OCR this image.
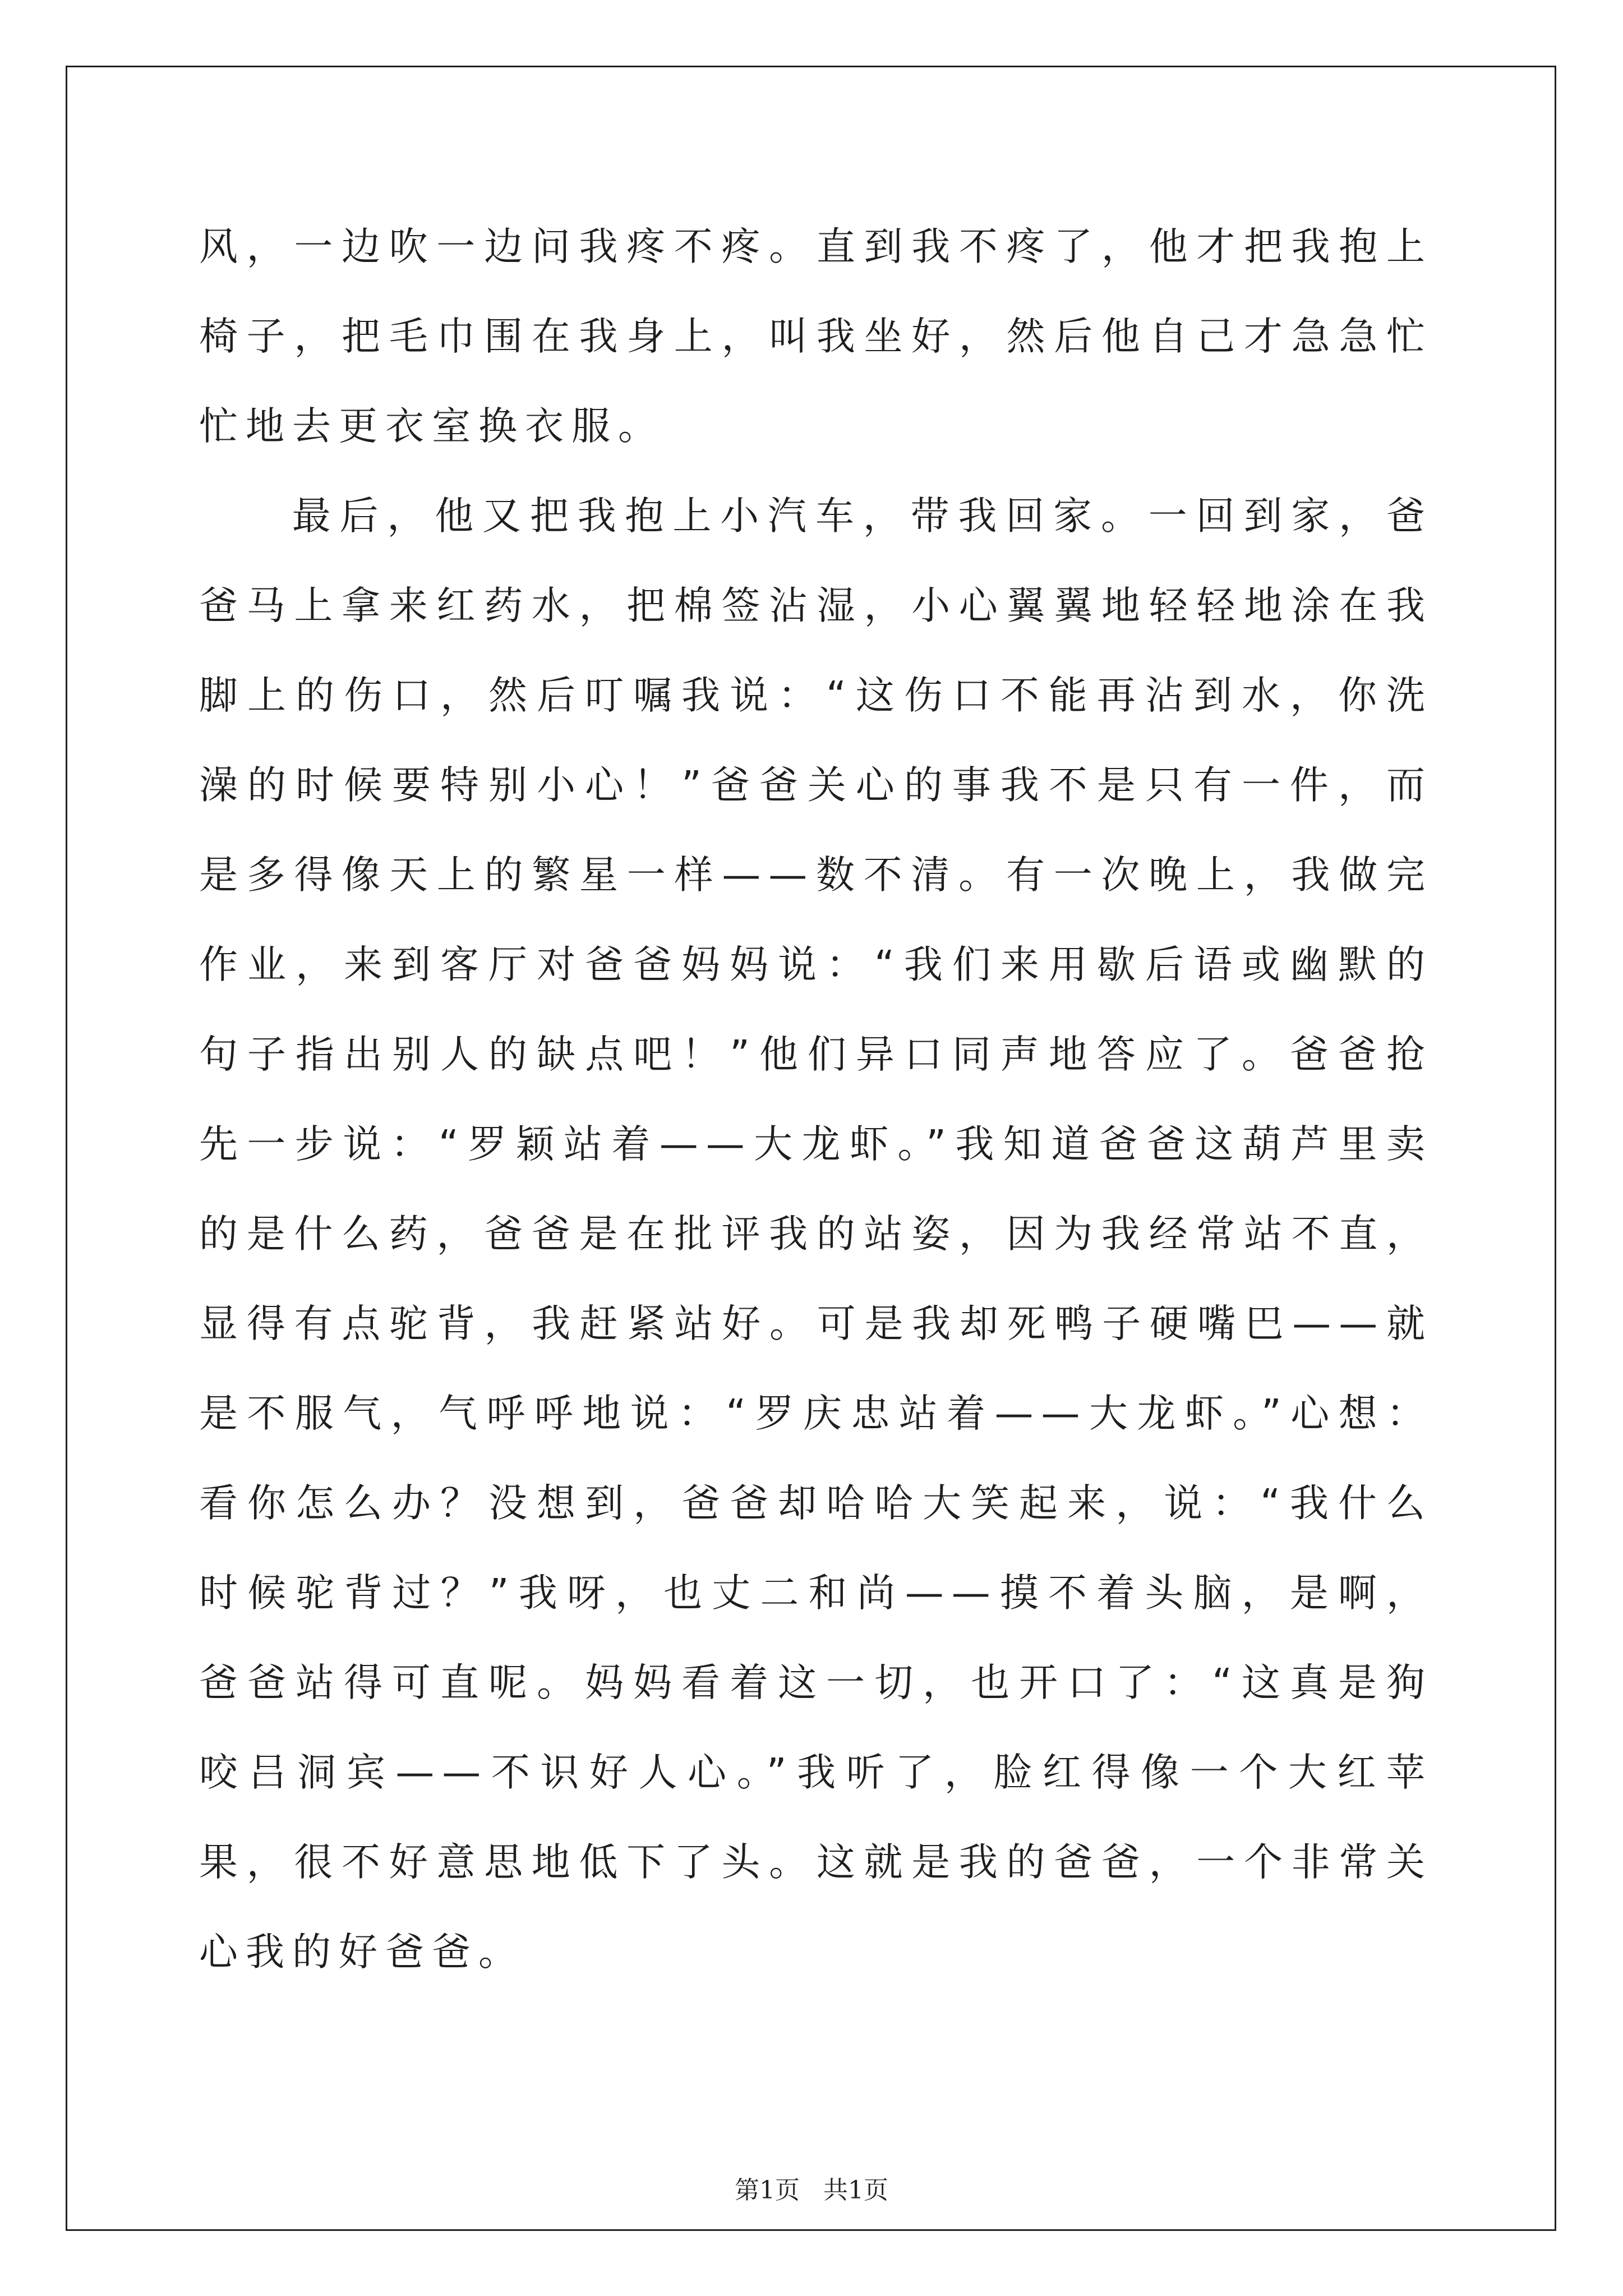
风，一边吹一边问我疼不疼。直到我不疼了，他才把我抱上椅子，把毛巾围在我身上，叫我坐好，然后他自己才急急忙忙地去更衣室换衣服。

最后，他又把我抱上小汽车，带我回家。一回到家，爸爸马上拿来红药水，把棉签沾湿，小心翼翼地轻轻地涂在我脚上的伤口，然后叮嘱我说：“这伤口不能再沾到水，你洗澡的时候要特别小心！”爸爸关心的事我不是只有一件，而是多得像天上的繁星一样——数不清。有一次晚上，我做完作业，来到客厅对爸爸妈妈说：“我们来用歇后语或幽默的句子指出别人的缺点吧！”他们异口同声地答应了。爸爸抢先一步说：“罗颖站着——大龙虾。”我知道爸爸这葫芦里卖的是什么药，爸爸是在批评我的站姿，因为我经常站不直，显得有点驼背，我赶紧站好。可是我却死鸭子硬嘴巴——就是不服气，气呼呼地说：“罗庆忠站着——大龙虾。”心想：看你怎么办？没想到，爸爸却哈哈大笑起来，说：“我什么时候驼背过？”我呀，也丈二和尚——摸不着头脑，是啊，爸爸站得可直呢。妈妈看着这一切，也开口了：“这真是狗咬吕洞宾——不识好人心。”我听了，脸红得像一个大红苹果，很不好意思地低下了头。这就是我的爸爸，一个非常关心我的好爸爸。

第1页 共1页
